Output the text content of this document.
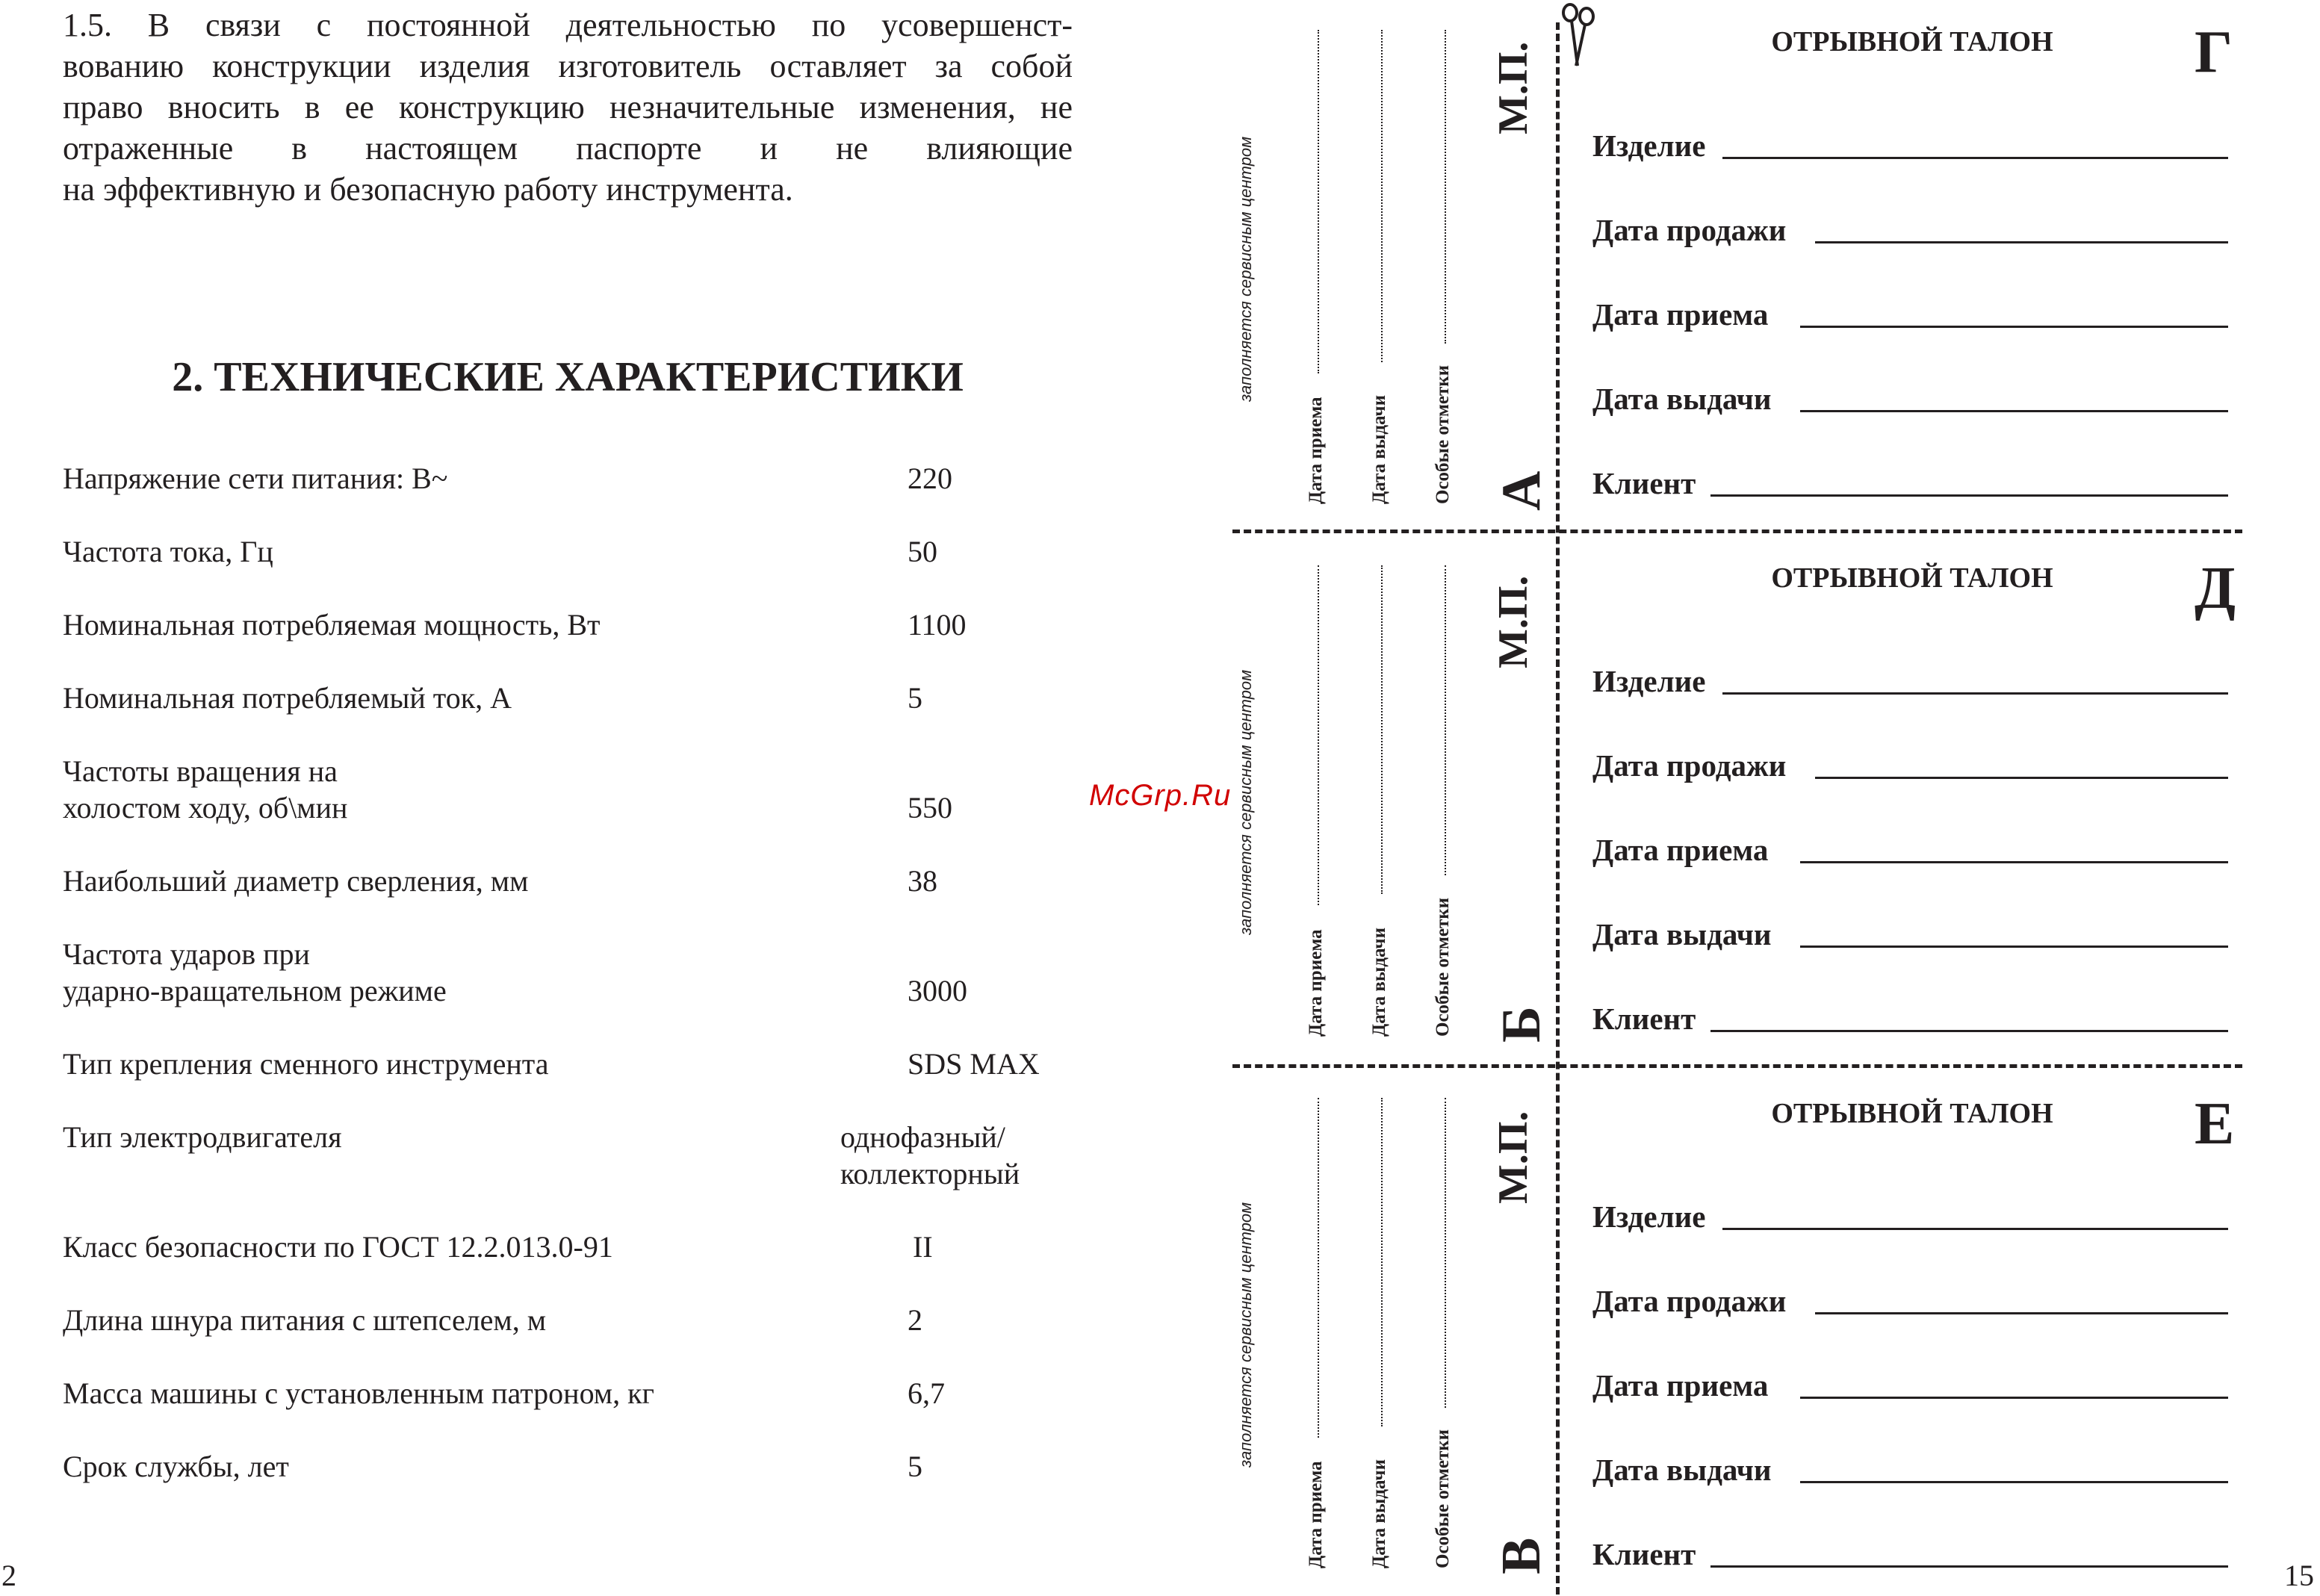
1.5. В связи с постоянной деятельностью по усовершенст-
вованию конструкции изделия изготовитель оставляет за собой
право вносить в ее конструкцию незначительные изменения, не
отраженные в настоящем паспорте и не влияющие
на эффективную и безопасную работу инструмента.
2. ТЕХНИЧЕСКИЕ ХАРАКТЕРИСТИКИ
Напряжение сети питания: В~	220
Частота тока, Гц	50
Номинальная потребляемая мощность, Вт	1100
Номинальная потребляемый ток, А	5
Частоты вращения на
холостом ходу, об\мин	550
Наибольший диаметр сверления, мм	38
Частота ударов при
ударно-вращательном режиме	3000
Тип крепления сменного инструмента	SDS MAX
Тип электродвигателя	однофазный/
коллекторный
Класс безопасности по ГОСТ 12.2.013.0-91	II
Длина шнура питания с штепселем, м	2
Масса машины с установленным патроном, кг	6,7
Срок службы, лет	5
2
McGrp.Ru
заполняется сервисным центром
Дата приема Дата выдачи Особые отметки
М.П.
А
ОТРЫВНОЙ ТАЛОН	Г
Изделие
Дата продажи
Дата приема
Дата выдачи
Клиент
заполняется сервисным центром
Дата приема Дата выдачи Особые отметки
М.П.
Б
ОТРЫВНОЙ ТАЛОН	Д
Изделие
Дата продажи
Дата приема
Дата выдачи
Клиент
заполняется сервисным центром
Дата приема Дата выдачи Особые отметки
М.П.
В
ОТРЫВНОЙ ТАЛОН	Е
Изделие
Дата продажи
Дата приема
Дата выдачи
Клиент
15
